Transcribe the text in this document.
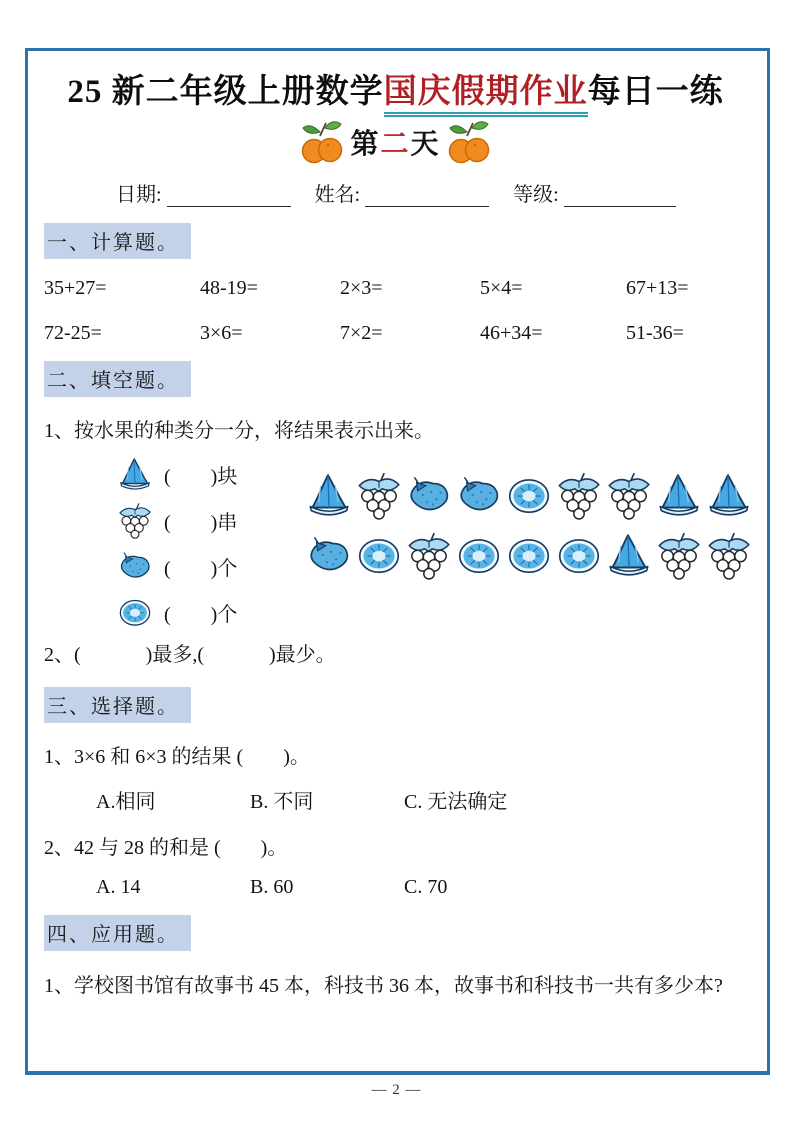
25 新二年级上册数学国庆假期作业每日一练
第二天
日期:	姓名:	等级:
一、计算题。
35+27=	48-19=	2×3=	5×4=	67+13=
72-25=	3×6=	7×2=	46+34=	51-36=
二、填空题。

1、按水果的种类分一分，将结果表示出来。

(        )块
(        )串
(        )个
(        )个

2、(             )最多,(             )最少。

三、选择题。

1、3×6 和 6×3 的结果 (        )。

A.相同	B. 不同	C. 无法确定

2、42 与 28 的和是 (        )。

A. 14	B. 60	C. 70
四、应用题。

1、学校图书馆有故事书 45 本，科技书 36 本，故事书和科技书一共有多少本?

— 2 —
